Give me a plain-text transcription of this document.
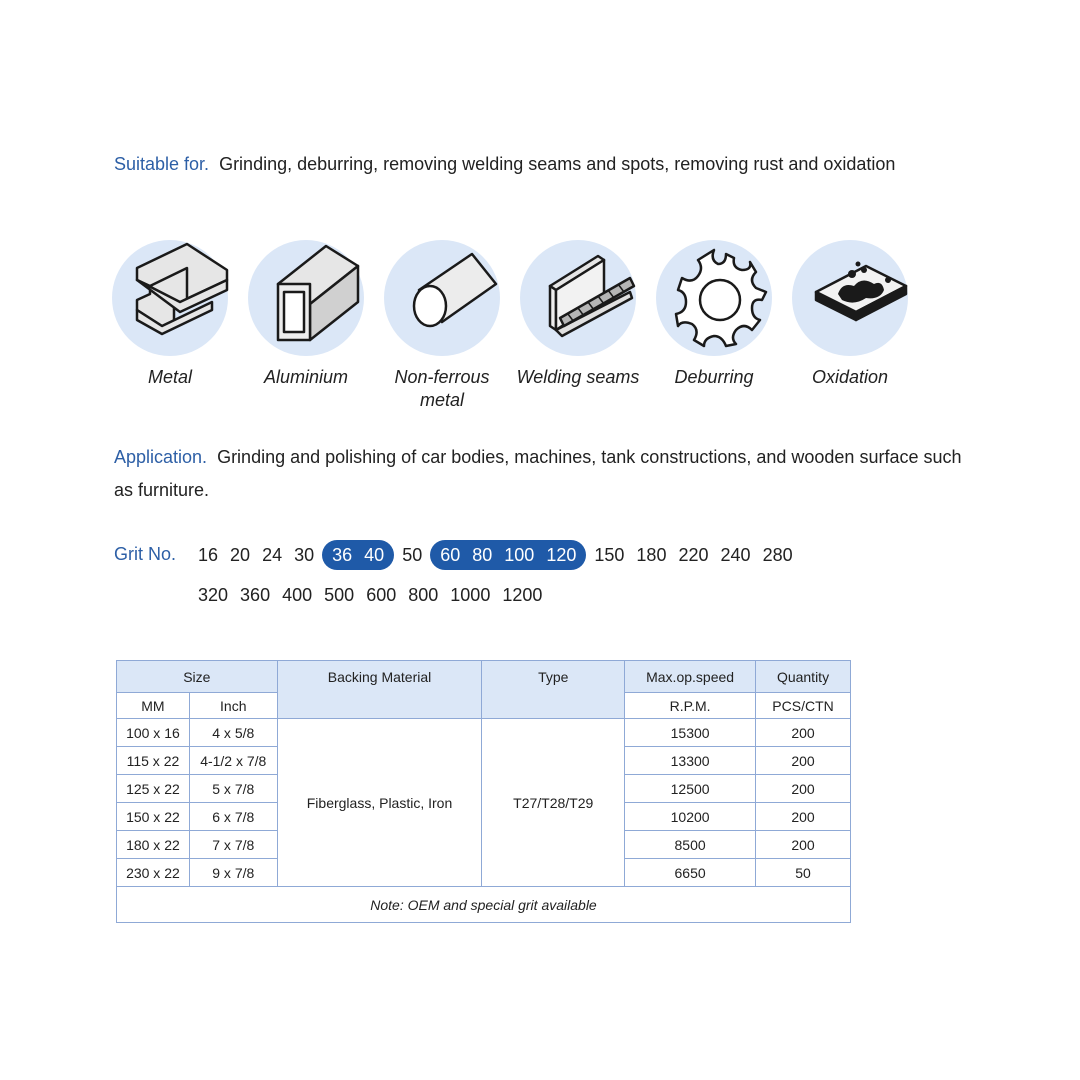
Suitable for. Grinding, deburring, removing welding seams and spots, removing rust and oxidation
Metal	Aluminium	Non-ferrous metal
Welding seams	Deburring	Oxidation
Application. Grinding and polishing of car bodies, machines, tank constructions, and wooden surface such as furniture.
Grit No.	16 20 24 30	36 40	50	60 80 100 120	150 180 220 240 280
320 360 400 500 600 800 1000 1200
Size		Backing Material	Type	Max.op.speed	Quantity
MM	Inch			R.P.M.	PCS/CTN
100 x 16	4 x 5/8	Fiberglass, Plastic, Iron	T27/T28/T29	15300	200
115 x 22	4-1/2 x 7/8			13300	200
125 x 22	5 x 7/8			12500	200
150 x 22	6 x 7/8			10200	200
180 x 22	7 x 7/8			8500	200
230 x 22	9 x 7/8			6650	50
Note: OEM and special grit available					
